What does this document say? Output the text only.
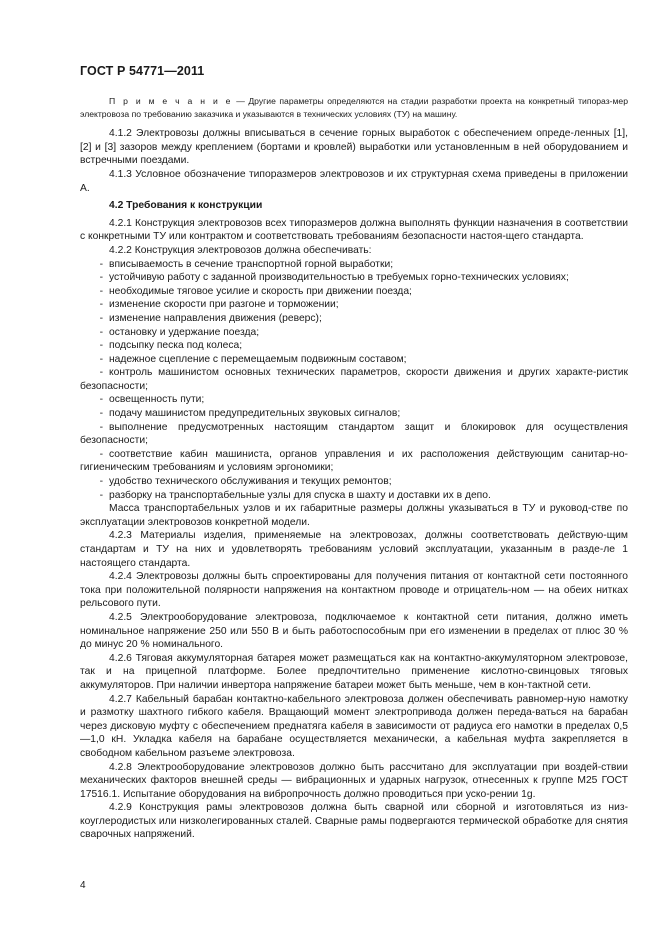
ГОСТ Р 54771—2011

П р и м е ч а н и е — Другие параметры определяются на стадии разработки проекта на конкретный типораз-мер электровоза по требованию заказчика и указываются в технических условиях (ТУ) на машину.

4.1.2 Электровозы должны вписываться в сечение горных выработок с обеспечением опреде-ленных [1], [2] и [3] зазоров между креплением (бортами и кровлей) выработки или установленным в ней оборудованием и встречными поездами.

4.1.3 Условное обозначение типоразмеров электровозов и их структурная схема приведены в приложении А.

4.2 Требования к конструкции

4.2.1 Конструкция электровозов всех типоразмеров должна выполнять функции назначения в соответствии с конкретными ТУ или контрактом и соответствовать требованиям безопасности настоя-щего стандарта.

4.2.2 Конструкция электровозов должна обеспечивать:

- вписываемость в сечение транспортной горной выработки;

- устойчивую работу с заданной производительностью в требуемых горно-технических условиях;

- необходимые тяговое усилие и скорость при движении поезда;

- изменение скорости при разгоне и торможении;

- изменение направления движения (реверс);

- остановку и удержание поезда;

- подсыпку песка под колеса;

- надежное сцепление с перемещаемым подвижным составом;

- контроль машинистом основных технических параметров, скорости движения и других характе-ристик безопасности;

- освещенность пути;

- подачу машинистом предупредительных звуковых сигналов;

- выполнение предусмотренных настоящим стандартом защит и блокировок для осуществления безопасности;

- соответствие кабин машиниста, органов управления и их расположения действующим санитар-но-гигиеническим требованиям и условиям эргономики;

- удобство технического обслуживания и текущих ремонтов;

- разборку на транспортабельные узлы для спуска в шахту и доставки их в депо.

Масса транспортабельных узлов и их габаритные размеры должны указываться в ТУ и руковод-стве по эксплуатации электровозов конкретной модели.

4.2.3 Материалы изделия, применяемые на электровозах, должны соответствовать действую-щим стандартам и ТУ на них и удовлетворять требованиям условий эксплуатации, указанным в разде-ле 1 настоящего стандарта.

4.2.4 Электровозы должны быть спроектированы для получения питания от контактной сети постоянного тока при положительной полярности напряжения на контактном проводе и отрицатель-ном — на обеих нитках рельсового пути.

4.2.5 Электрооборудование электровоза, подключаемое к контактной сети питания, должно иметь номинальное напряжение 250 или 550 В и быть работоспособным при его изменении в пределах от плюс 30 % до минус 20 % номинального.

4.2.6 Тяговая аккумуляторная батарея может размещаться как на контактно-аккумуляторном электровозе, так и на прицепной платформе. Более предпочтительно применение кислотно-свинцовых тяговых аккумуляторов. При наличии инвертора напряжение батареи может быть меньше, чем в кон-тактной сети.

4.2.7 Кабельный барабан контактно-кабельного электровоза должен обеспечивать равномер-ную намотку и размотку шахтного гибкого кабеля. Вращающий момент электропривода должен переда-ваться на барабан через дисковую муфту с обеспечением преднатяга кабеля в зависимости от радиуса его намотки в пределах 0,5—1,0 кН. Укладка кабеля на барабане осуществляется механически, а кабельная муфта закрепляется в свободном кабельном разъеме электровоза.

4.2.8 Электрооборудование электровозов должно быть рассчитано для эксплуатации при воздей-ствии механических факторов внешней среды — вибрационных и ударных нагрузок, отнесенных к группе М25 ГОСТ 17516.1. Испытание оборудования на вибропрочность должно проводиться при уско-рении 1g.

4.2.9 Конструкция рамы электровозов должна быть сварной или сборной и изготовляться из низ-коуглеродистых или низколегированных сталей. Сварные рамы подвергаются термической обработке для снятия сварочных напряжений.

4
